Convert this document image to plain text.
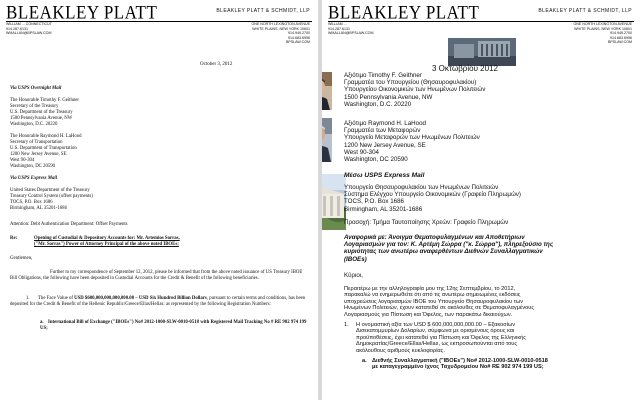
BLEAKLEY PLATT	BLEAKLEY PLATT & SCHMIDT, LLP
WILLIAM ... CONNECTICUT
914.287.6131
WMALLAN@BPSLAW.COM
ONE NORTH LEXINGTON AVENUE
WHITE PLAINS, NEW YORK 10601
914.949.2700
914.683.6956
BPSLAW.COM
October 3, 2012
Via USPS Overnight Mail
The Honorable Timothy F. Geithner
Secretary of the Treasury
U.S. Department of the Treasury
1500 Pennsylvania Avenue, NW
Washington, D.C. 20220
The Honorable Raymond H. LaHood
Secretary of Transportation
U.S. Department of Transportation
1200 New Jersey Avenue, SE
West 90-304
Washington, DC 20590
Via USPS Express Mail
United States Department of the Treasury
Treasury Control System (offset payments)
TOCS, P.O. Box 1686
Birmingham, AL 35201-1686
Attention: Debt Authentication Department: Offset Payments
Re:	Opening of Custodial & Depository Accounts for: Mr. Artemios Sorras,
("Mr. Sorras") Power of Attorney Principal of the above noted IBOEs;
Gentlemen,
Further to my correspondence of September 12, 2012, please be informed that from the above noted issuance of US Treasury IBOE Bill Obligations, the following have been deposited in Custodial Accounts for the Credit & Benefit of the following beneficiaries.
1. The Face Value of USD $600,000,000,000,000.00 – USD Six Hundred Billion Dollars, pursuant to certain terms and conditions, has been deposited for the Credit & Benefit of the Hellenic Republic/Greece/Ellas/Hellas: as represented by the following Registration Numbers:
a. International Bill of Exchange ("IBOEs") No# 2012-1000-SLW-0010-0518 with Registered Mail Tracking No # RE 902 974 199 US;
BLEAKLEY PLATT	BLEAKLEY PLATT & SCHMIDT, LLP
WILLIAM ...
914.287.6131
WMALLAN@BPSLAW.COM
ONE NORTH LEXINGTON AVENUE
WHITE PLAINS, NEW YORK 10601
914.949.2700
914.683.6956
BPSLAW.COM
3 Οκτωβρίου 2012
Αξιότιμο Timothy F. Geithner
Γραμματέα του Υπουργείου (Θησαυροφυλακίου)
Υπουργείου Οικονομικών των Ηνωμένων Πολιτειών
1500 Pennsylvania Avenue, NW
Washington, D.C. 20220
Αξιότιμο Raymond H. LaHood
Γραμματέα των Μεταφορών
Υπουργείο Μεταφορών των Ηνωμένων Πολιτειών
1200 New Jersey Avenue, SE
West 90-304
Washington, DC 20590
Μέσω USPS Express Mail
Υπουργείο Θησαυροφυλακίου των Ηνωμένων Πολιτειών
Σύστημα Ελέγχου Υπουργείο Οικονομικών (Γραφείο Πληρωμών)
TOCS, P.O. Box 1686
Birmingham, AL 35201-1686
Προσοχή: Τμήμα Ταυτοποίησης Χρεών: Γραφείο Πληρωμών
Αναφορικά με: Άνοιγμα Θεματοφυλαγμένων και Αποθετήριων
Λογαριασμών για τον: Κ. Αρτέμη Σώρρα ("κ. Σώρρα"), πληρεξούσιο της
κυριότητας των ανωτέρω αναφερθέντων Διεθνών Συναλλαγματικών
(IBOEs)
Κύριοι,
Περαιτέρω με την αλληλογραφία μου της 12ης Σεπτεμβρίου, το 2012,
παρακαλώ να ενημερωθείτε ότι από τις ανωτέρω σημειωμένες εκδόσεις
υποχρεώσεις λογαριασμών IBOE του Υπουργείο Θησαυροφυλακίου των
Ηνωμένων Πολιτειών, έχουν κατατεθεί σε ακόλουθες σε Θεματοφυλαγμένους
Λογαριασμούς για Πίστωση και Όφελος, των παρακάτω δικαιούχων.
1.	Η ονομαστική αξία των USD $ 600,000,000,000.00 – Εξακοσίων
Δισεκατομμυρίων Δολαρίων, σύμφωνα με ορισμένους όρους και
προϋποθέσεις, έχει κατατεθεί για Πίστωση και Όφελος της Ελληνικής
Δημοκρατίας/Greece/Ellas/Hellas, ως εκπροσωπούνται από τους
ακόλουθους αριθμούς κυκλοφορίας.
a. Διεθνής Συναλλαγματική ("IBOEs") No# 2012-1000-SLW-0010-0518
με καταγεγραμμένο ίχνος Ταχυδρομείου No# RE 902 974 199 US;
